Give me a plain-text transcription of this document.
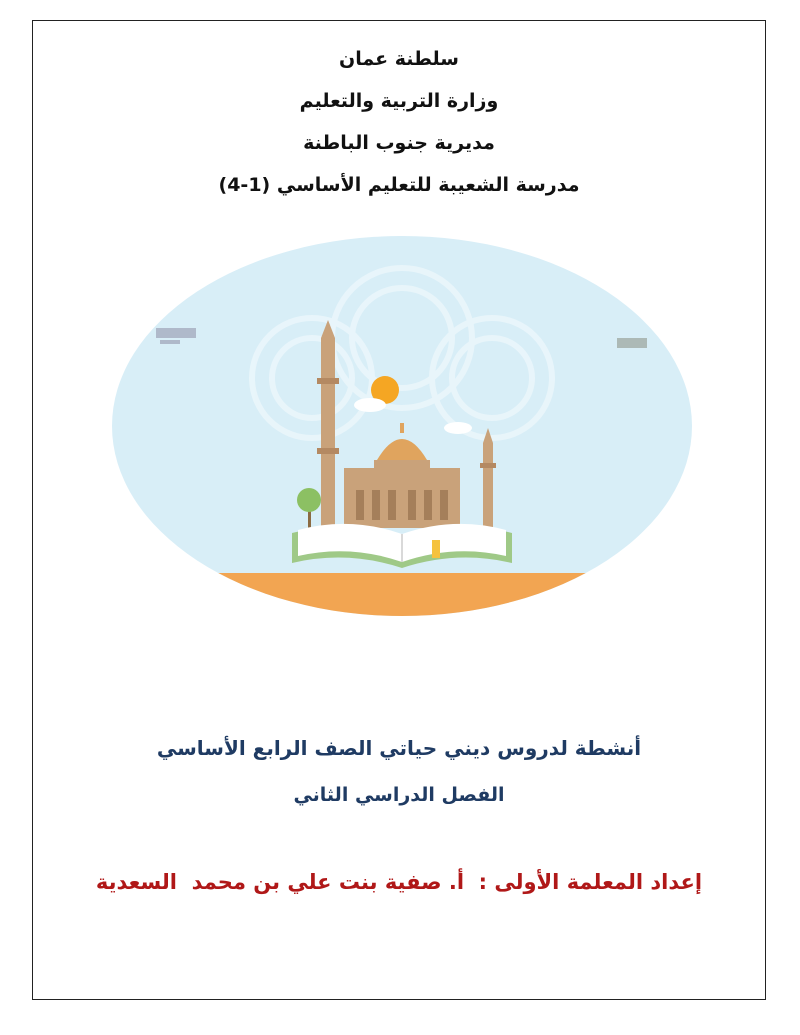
سلطنة عمان
وزارة التربية والتعليم
مديرية جنوب الباطنة
مدرسة الشعيبة للتعليم الأساسي (1-4)
أنشطة لدروس ديني حياتي الصف الرابع الأساسي
الفصل الدراسي الثاني
إعداد المعلمة الأولى :  أ. صفية بنت علي بن محمد  السعدية
